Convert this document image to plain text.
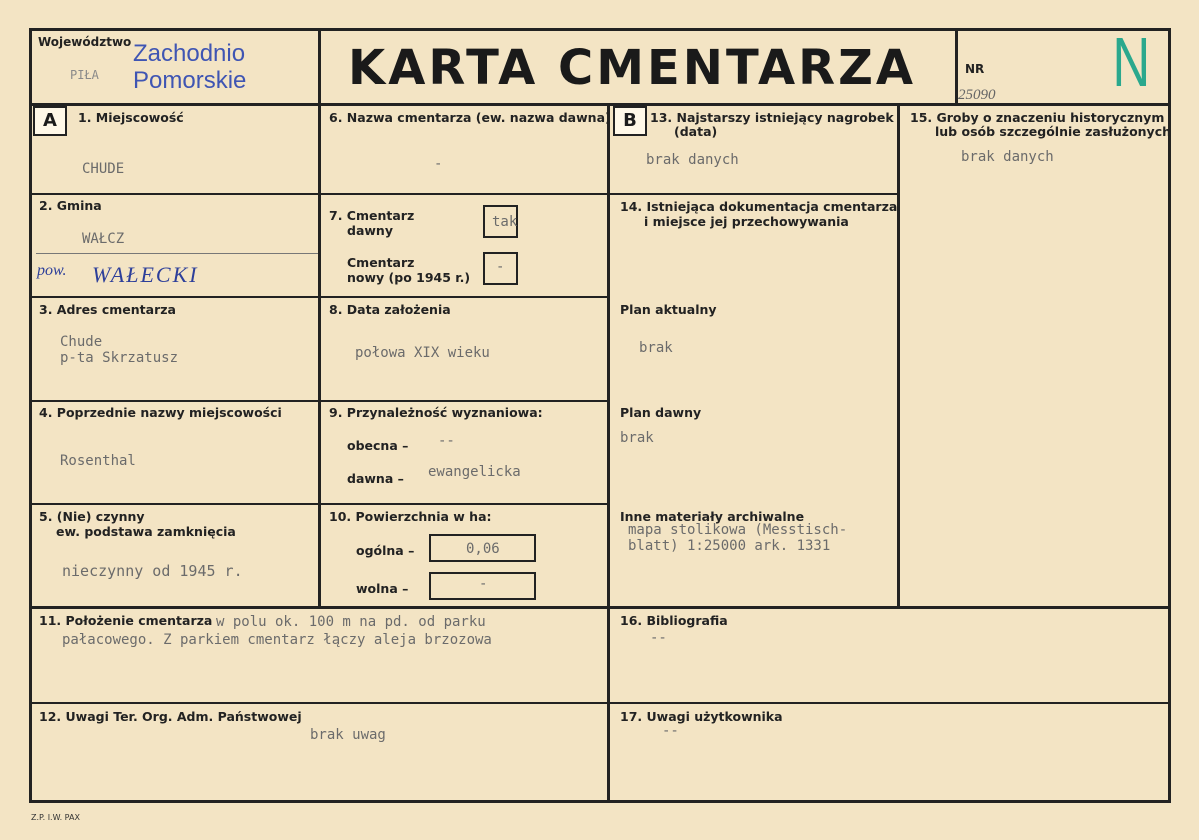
Województwo Zachodnio
PIŁA Pomorskie KARTA CMENTARZA	NR
25090 N
A	B
1. Miejscowość
CHUDE
2. Gmina
WAŁCZ
pow. WAŁECKI
3. Adres cmentarza
Chude
p-ta Skrzatusz
4. Poprzednie nazwy miejscowości
Rosenthal
5. (Nie) czynny
ew. podstawa zamknięcia
nieczynny od 1945 r.
6. Nazwa cmentarza (ew. nazwa dawna)
-
7. Cmentarz
dawny
tak
Cmentarz
nowy (po 1945 r.)
-
8. Data założenia
połowa XIX wieku
9. Przynależność wyznaniowa:
obecna – --
dawna – ewangelicka
10. Powierzchnia w ha:
ogólna –	0,06
wolna –	-
13. Najstarszy istniejący nagrobek
(data)
brak danych
14. Istniejąca dokumentacja cmentarza
i miejsce jej przechowywania
Plan aktualny
brak
Plan dawny
brak
Inne materiały archiwalne
mapa stolikowa (Messtisch-
blatt) 1:25000 ark. 1331
15. Groby o znaczeniu historycznym
lub osób szczególnie zasłużonych
brak danych
11. Położenie cmentarza w polu ok. 100 m na pd. od parku
pałacowego. Z parkiem cmentarz łączy aleja brzozowa
16. Bibliografia
--
12. Uwagi Ter. Org. Adm. Państwowej
brak uwag
17. Uwagi użytkownika
--
Z.P. I.W. PAX
